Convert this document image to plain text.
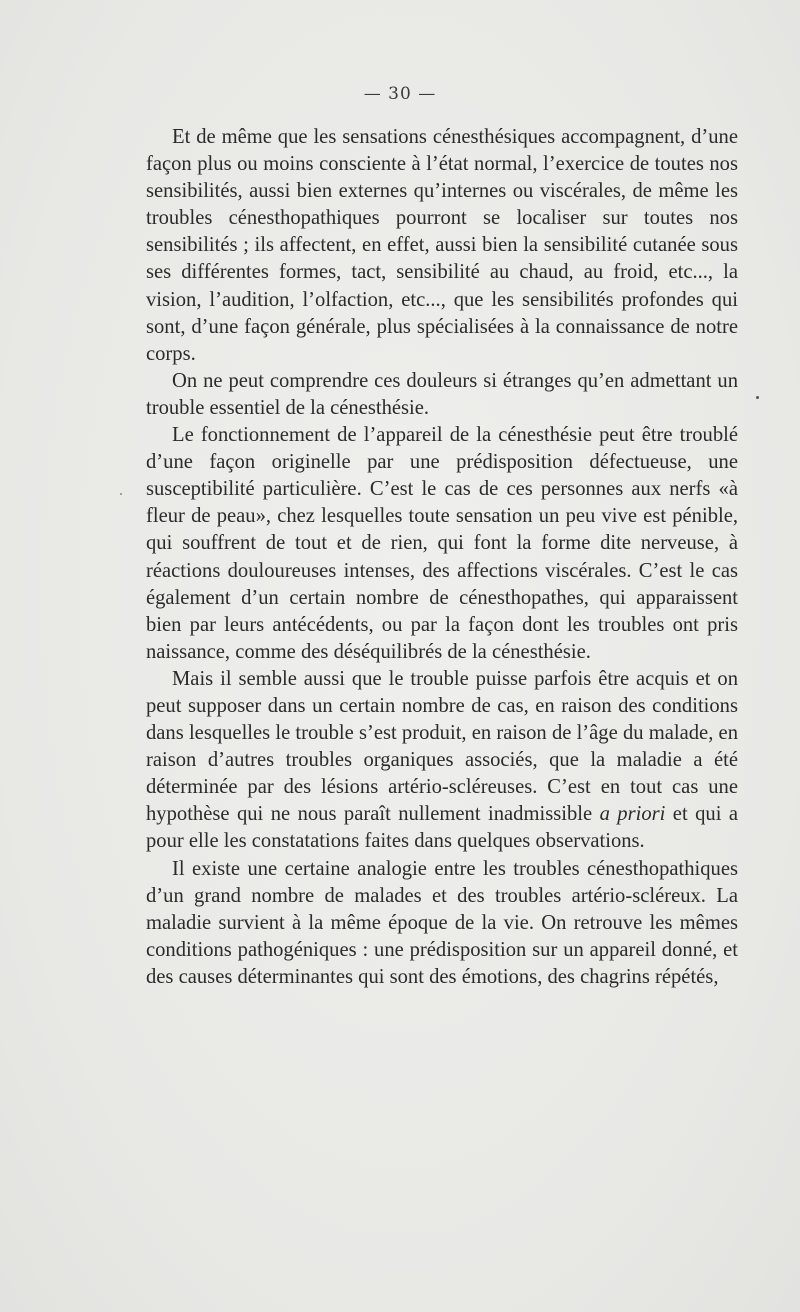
— 30 —

Et de même que les sensations cénesthésiques accompagnent, d’une façon plus ou moins consciente à l’état normal, l’exercice de toutes nos sensibilités, aussi bien externes qu’internes ou viscérales, de même les troubles cénesthopathiques pourront se localiser sur toutes nos sensibilités ; ils affectent, en effet, aussi bien la sensibilité cutanée sous ses différentes formes, tact, sensibilité au chaud, au froid, etc..., la vision, l’audition, l’olfaction, etc..., que les sensibilités profondes qui sont, d’une façon générale, plus spécialisées à la connaissance de notre corps.

On ne peut comprendre ces douleurs si étranges qu’en admettant un trouble essentiel de la cénesthésie.

Le fonctionnement de l’appareil de la cénesthésie peut être troublé d’une façon originelle par une prédisposition défectueuse, une susceptibilité particulière. C’est le cas de ces personnes aux nerfs «à fleur de peau», chez lesquelles toute sensation un peu vive est pénible, qui souffrent de tout et de rien, qui font la forme dite nerveuse, à réactions douloureuses intenses, des affections viscérales. C’est le cas également d’un certain nombre de cénesthopathes, qui apparaissent bien par leurs antécédents, ou par la façon dont les troubles ont pris naissance, comme des déséquilibrés de la cénesthésie.

Mais il semble aussi que le trouble puisse parfois être acquis et on peut supposer dans un certain nombre de cas, en raison des conditions dans lesquelles le trouble s’est produit, en raison de l’âge du malade, en raison d’autres troubles organiques associés, que la maladie a été déterminée par des lésions artério-scléreuses. C’est en tout cas une hypothèse qui ne nous paraît nullement inadmissible a priori et qui a pour elle les constatations faites dans quelques observations.

Il existe une certaine analogie entre les troubles cénesthopathiques d’un grand nombre de malades et des troubles artério-scléreux. La maladie survient à la même époque de la vie. On retrouve les mêmes conditions pathogéniques : une prédisposition sur un appareil donné, et des causes déterminantes qui sont des émotions, des chagrins répétés,
